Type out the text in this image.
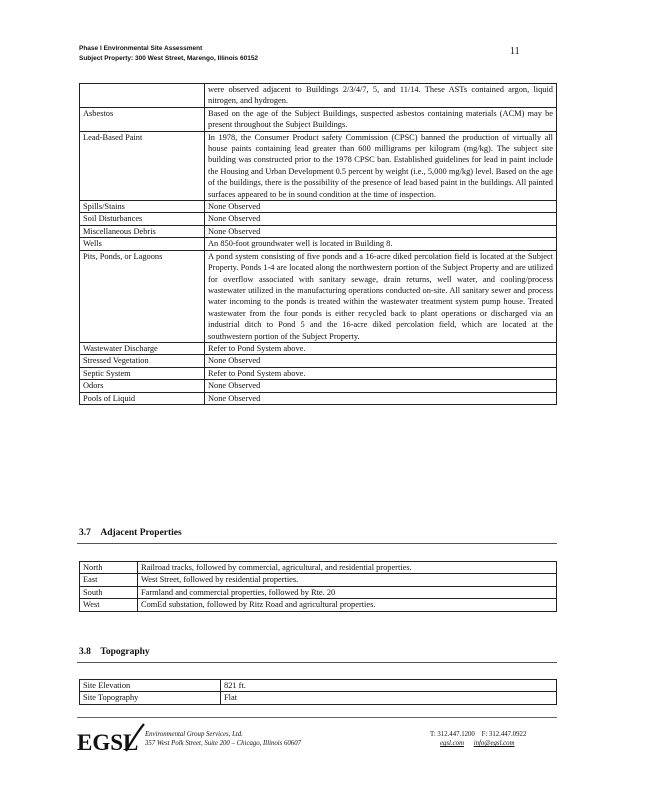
Phase I Environmental Site Assessment
Subject Property: 300 West Street, Marengo, Illinois 60152
11
	were observed adjacent to Buildings 2/3/4/7, 5, and 11/14. These ASTs contained argon, liquid nitrogen, and hydrogen.
Asbestos	Based on the age of the Subject Buildings, suspected asbestos containing materials (ACM) may be present throughout the Subject Buildings.
Lead-Based Paint	In 1978, the Consumer Product safety Commission (CPSC) banned the production of virtually all house paints containing lead greater than 600 milligrams per kilogram (mg/kg). The subject site building was constructed prior to the 1978 CPSC ban. Established guidelines for lead in paint include the Housing and Urban Development 0.5 percent by weight (i.e., 5,000 mg/kg) level. Based on the age of the buildings, there is the possibility of the presence of lead based paint in the buildings. All painted surfaces appeared to be in sound condition at the time of inspection.
Spills/Stains	None Observed
Soil Disturbances	None Observed
Miscellaneous Debris	None Observed
Wells	An 850-foot groundwater well is located in Building 8.
Pits, Ponds, or Lagoons	A pond system consisting of five ponds and a 16-acre diked percolation field is located at the Subject Property. Ponds 1-4 are located along the northwestern portion of the Subject Property and are utilized for overflow associated with sanitary sewage, drain returns, well water, and cooling/process wastewater utilized in the manufacturing operations conducted on-site. All sanitary sewer and process water incoming to the ponds is treated within the wastewater treatment system pump house. Treated wastewater from the four ponds is either recycled back to plant operations or discharged via an industrial ditch to Pond 5 and the 16-acre diked percolation field, which are located at the southwestern portion of the Subject Property.
Wastewater Discharge	Refer to Pond System above.
Stressed Vegetation	None Observed
Septic System	Refer to Pond System above.
Odors	None Observed
Pools of Liquid	None Observed
3.7 Adjacent Properties
North	Railroad tracks, followed by commercial, agricultural, and residential properties.
East	West Street, followed by residential properties.
South	Farmland and commercial properties, followed by Rte. 20
West	ComEd substation, followed by Ritz Road and agricultural properties.
3.8 Topography
Site Elevation	821 ft.
Site Topography	Flat
EGSL Environmental Group Services, Ltd.
357 West Polk Street, Suite 200 – Chicago, Illinois 60607
T: 312.447.1200 F: 312.447.0922
egsl.com info@egsl.com
